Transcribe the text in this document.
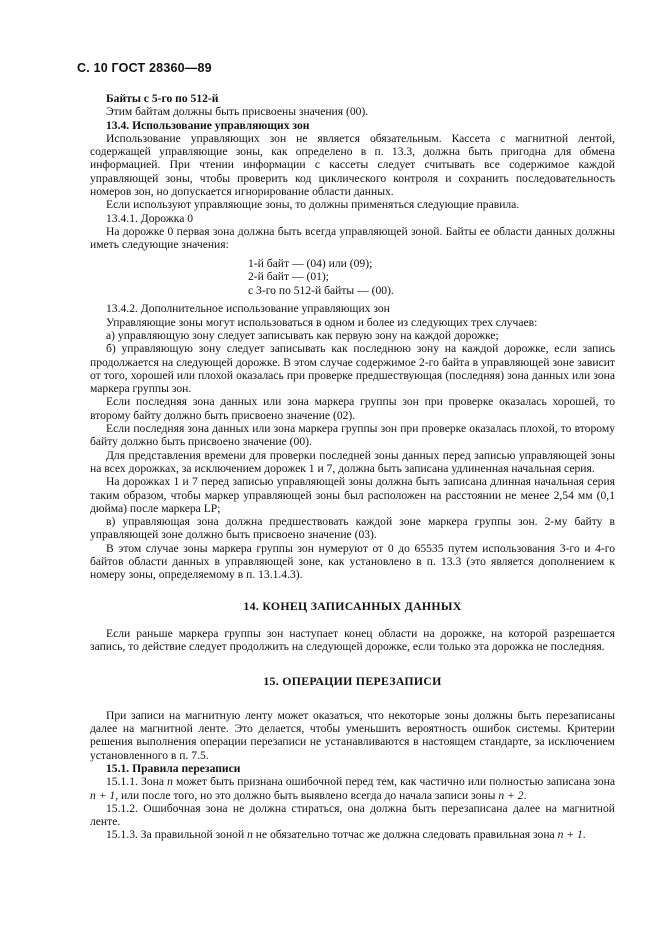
С. 10 ГОСТ 28360—89

Байты с 5-го по 512-й

Этим байтам должны быть присвоены значения (00).

13.4. Использование управляющих зон

Использование управляющих зон не является обязательным. Кассета с магнитной лентой, содержащей управляющие зоны, как определено в п. 13.3, должна быть пригодна для обмена информацией. При чтении информации с кассеты следует считывать все содержимое каждой управляющей зоны, чтобы проверить код циклического контроля и сохранить последовательность номеров зон, но допускается игнорирование области данных.

Если используют управляющие зоны, то должны применяться следующие правила.

13.4.1. Дорожка 0

На дорожке 0 первая зона должна быть всегда управляющей зоной. Байты ее области данных должны иметь следующие значения:

1-й байт — (04) или (09);
2-й байт — (01);
с 3-го по 512-й байты — (00).

13.4.2. Дополнительное использование управляющих зон

Управляющие зоны могут использоваться в одном и более из следующих трех случаев:

а) управляющую зону следует записывать как первую зону на каждой дорожке;

б) управляющую зону следует записывать как последнюю зону на каждой дорожке, если запись продолжается на следующей дорожке. В этом случае содержимое 2-го байта в управляющей зоне зависит от того, хорошей или плохой оказалась при проверке предшествующая (последняя) зона данных или зона маркера группы зон.

Если последняя зона данных или зона маркера группы зон при проверке оказалась хорошей, то второму байту должно быть присвоено значение (02).

Если последняя зона данных или зона маркера группы зон при проверке оказалась плохой, то второму байту должно быть присвоено значение (00).

Для представления времени для проверки последней зоны данных перед записью управляющей зоны на всех дорожках, за исключением дорожек 1 и 7, должна быть записана удлиненная начальная серия.

На дорожках 1 и 7 перед записью управляющей зоны должна быть записана длинная начальная серия таким образом, чтобы маркер управляющей зоны был расположен на расстоянии не менее 2,54 мм (0,1 дюйма) после маркера LP;

в) управляющая зона должна предшествовать каждой зоне маркера группы зон. 2-му байту в управляющей зоне должно быть присвоено значение (03).

В этом случае зоны маркера группы зон нумеруют от 0 до 65535 путем использования 3-го и 4-го байтов области данных в управляющей зоне, как установлено в п. 13.3 (это является дополнением к номеру зоны, определяемому в п. 13.1.4.3).

14. КОНЕЦ ЗАПИСАННЫХ ДАННЫХ

Если раньше маркера группы зон наступает конец области на дорожке, на которой разрешается запись, то действие следует продолжить на следующей дорожке, если только эта дорожка не последняя.

15. ОПЕРАЦИИ ПЕРЕЗАПИСИ

При записи на магнитную ленту может оказаться, что некоторые зоны должны быть перезаписаны далее на магнитной ленте. Это делается, чтобы уменьшить вероятность ошибок системы. Критерии решения выполнения операции перезаписи не устанавливаются в настоящем стандарте, за исключением установленного в п. 7.5.

15.1. Правила перезаписи

15.1.1. Зона n может быть признана ошибочной перед тем, как частично или полностью записана зона n + 1, или после того, но это должно быть выявлено всегда до начала записи зоны n + 2.

15.1.2. Ошибочная зона не должна стираться, она должна быть перезаписана далее на магнитной ленте.

15.1.3. За правильной зоной n не обязательно тотчас же должна следовать правильная зона n + 1.
